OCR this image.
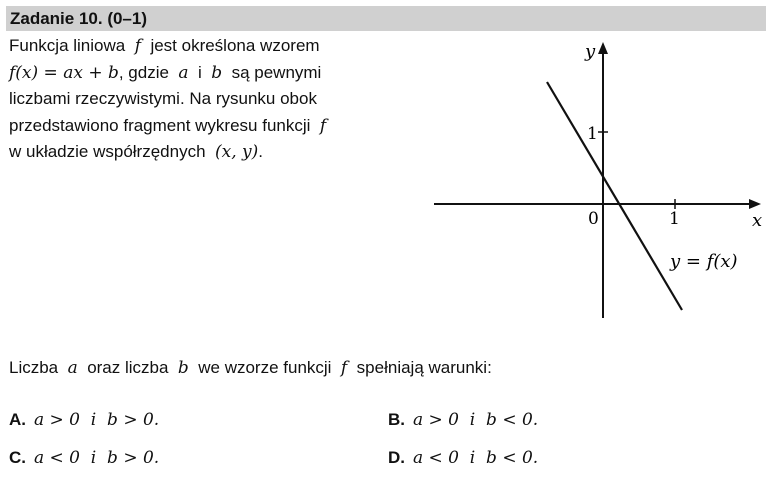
Zadanie 10. (0–1)
Funkcja liniowa f jest określona wzorem
f(x) = ax + b, gdzie a i b są pewnymi
liczbami rzeczywistymi. Na rysunku obok
przedstawiono fragment wykresu funkcji f
w układzie współrzędnych (x, y).
y
x
0	1
1
y = f(x)
Liczba a oraz liczba b we wzorze funkcji f spełniają warunki:
A. a > 0  i  b > 0.	B. a > 0  i  b < 0.
C. a < 0  i  b > 0.	D. a < 0  i  b < 0.
